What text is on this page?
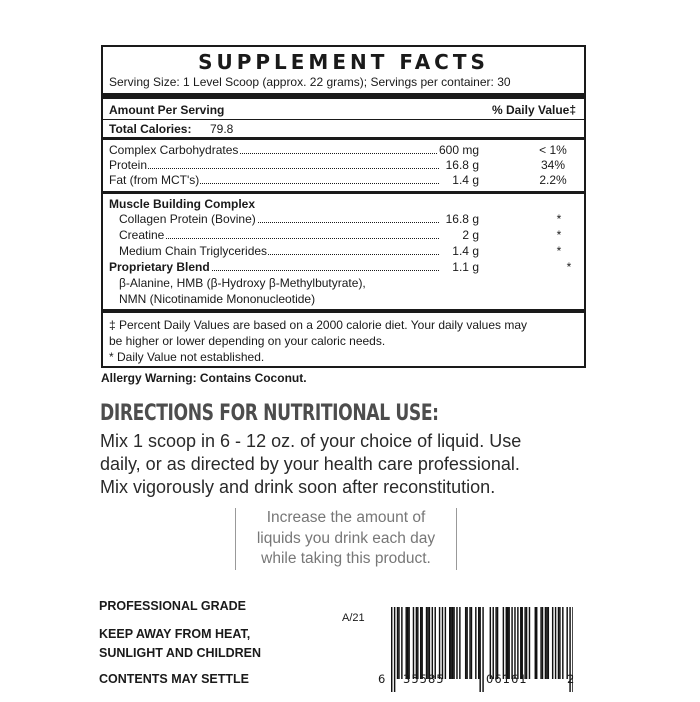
SUPPLEMENT FACTS
Serving Size: 1 Level Scoop (approx. 22 grams); Servings per container: 30
Amount Per Serving	% Daily Value‡
Total Calories: 79.8
Complex Carbohydrates	600 mg	< 1%
Protein	16.8 g	34%
Fat (from MCT's)	1.4 g	2.2%
Muscle Building Complex
Collagen Protein (Bovine)	16.8 g	*
Creatine	2 g	*
Medium Chain Triglycerides	1.4 g	*
Proprietary Blend	1.1 g	*
β-Alanine, HMB (β-Hydroxy β-Methylbutyrate),
NMN (Nicotinamide Mononucleotide)
‡ Percent Daily Values are based on a 2000 calorie diet. Your daily values may
be higher or lower depending on your caloric needs.
* Daily Value not established.
Allergy Warning: Contains Coconut.
DIRECTIONS FOR NUTRITIONAL USE:
Mix 1 scoop in 6 - 12 oz. of your choice of liquid. Use
daily, or as directed by your health care professional.
Mix vigorously and drink soon after reconstitution.
Increase the amount of
liquids you drink each day
while taking this product.
PROFESSIONAL GRADE
KEEP AWAY FROM HEAT,
SUNLIGHT AND CHILDREN
CONTENTS MAY SETTLE
A/21
6 35585	06161	2
